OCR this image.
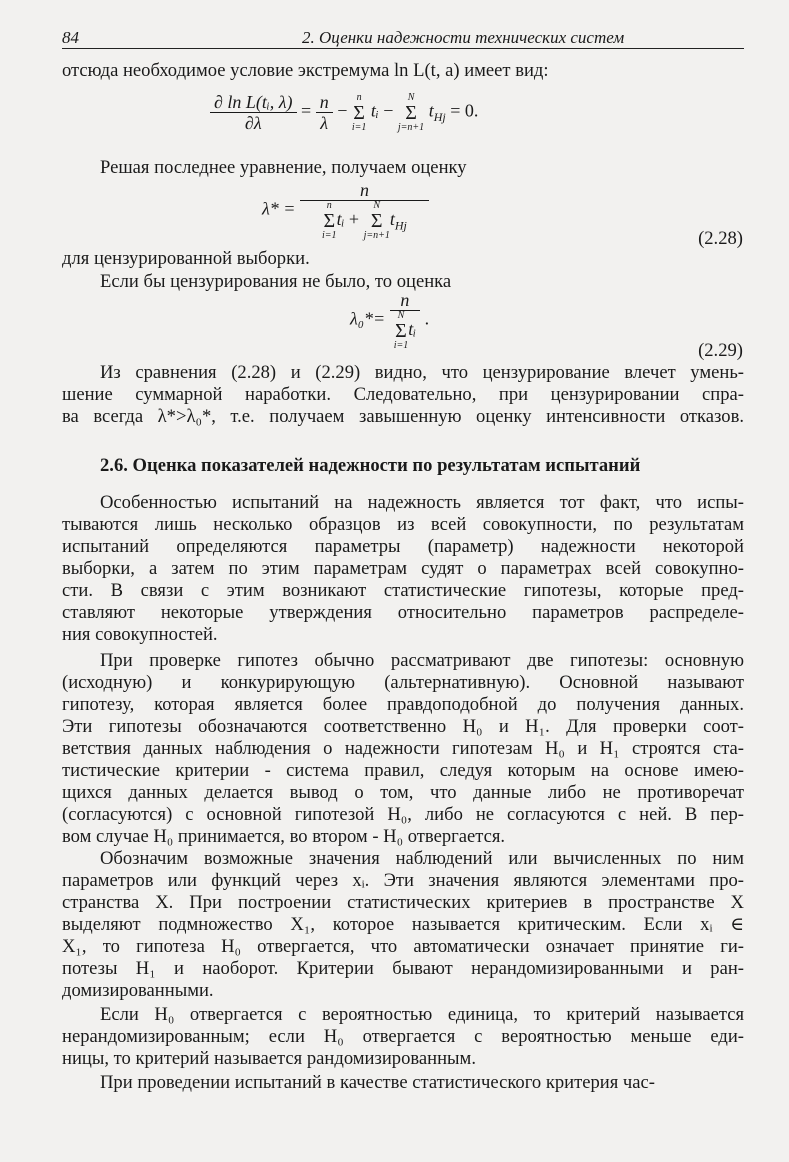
84	2. Оценки надежности технических систем
отсюда необходимое условие экстремума ln L(t, a) имеет вид:
$\frac{\text{∂ ln L(tᵢ, λ)}}{\partial\lambda} = \frac{n}{\lambda}$ −
n
Σ
i=1
tᵢ −
N
Σ
j=n+1
$t_{Hj} = 0$.
Решая последнее уравнение, получаем оценку
λ* =
n
n
Σ
i=1
tᵢ +
N
Σ
j=n+1
$t_{Hj}$
(2.28)
для цензурированной выборки.
Если бы цензурирования не было, то оценка
λ₀*= n
N
Σ
i=1
tᵢ .
(2.29)
Из сравнения (2.28) и (2.29) видно, что цензурирование влечет умень-
шение суммарной наработки. Следовательно, при цензурировании спра-
ва всегда λ*>λ₀*, т.е. получаем завышенную оценку интенсивности отказов.
2.6. Оценка показателей надежности по результатам испытаний
Особенностью испытаний на надежность является тот факт, что испы-
тываются лишь несколько образцов из всей совокупности, по результатам
испытаний определяются параметры (параметр) надежности некоторой
выборки, а затем по этим параметрам судят о параметрах всей совокупно-
сти. В связи с этим возникают статистические гипотезы, которые пред-
ставляют некоторые утверждения относительно параметров распределе-
ния совокупностей.
При проверке гипотез обычно рассматривают две гипотезы: основную
(исходную) и конкурирующую (альтернативную). Основной называют
гипотезу, которая является более правдоподобной до получения данных.
Эти гипотезы обозначаются соответственно H₀ и H₁. Для проверки соот-
ветствия данных наблюдения о надежности гипотезам H₀ и H₁ строятся ста-
тистические критерии - система правил, следуя которым на основе имею-
щихся данных делается вывод о том, что данные либо не противоречат
(согласуются) с основной гипотезой H₀, либо не согласуются с ней. В пер-
вом случае H₀ принимается, во втором - H₀ отвергается.
Обозначим возможные значения наблюдений или вычисленных по ним
параметров или функций через xᵢ. Эти значения являются элементами про-
странства X. При построении статистических критериев в пространстве X
выделяют подмножество X₁, которое называется критическим. Если xᵢ ∈
X₁, то гипотеза H₀ отвергается, что автоматически означает принятие ги-
потезы H₁ и наоборот. Критерии бывают нерандомизированными и ран-
домизированными.
Если H₀ отвергается с вероятностью единица, то критерий называется
нерандомизированным; если H₀ отвергается с вероятностью меньше еди-
ницы, то критерий называется рандомизированным.
При проведении испытаний в качестве статистического критерия час-
